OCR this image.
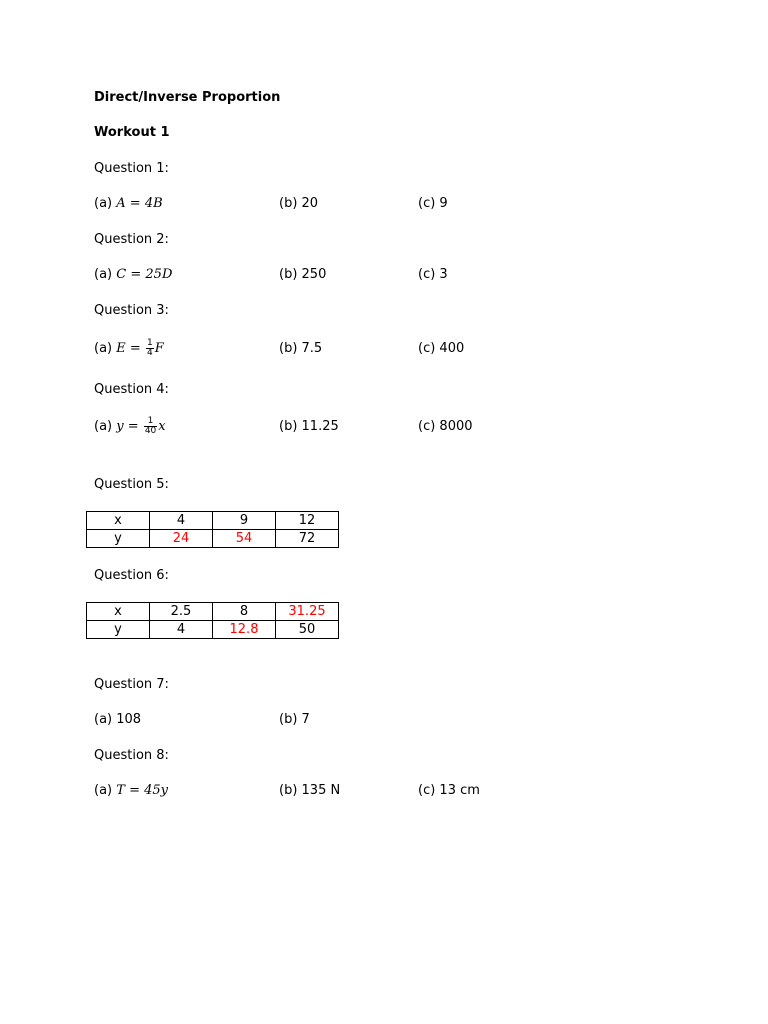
Direct/Inverse Proportion
Workout 1
Question 1:
(a) A = 4B	(b) 20	(c) 9
Question 2:
(a) C = 25D	(b) 250	(c) 3
Question 3:
(a) $E = \frac{1}{4}$ F	(b) 7.5	(c) 400
Question 4:
(a) $y = \frac{1}{40}$ x	(b) 11.25	(c) 8000
Question 5:
x	4	9	12
y	24	54	72
Question 6:
x	2.5	8	31.25
y	4	12.8	50
Question 7:
(a) 108	(b) 7
Question 8:
(a) T = 45y	(b) 135 N	(c) 13 cm
